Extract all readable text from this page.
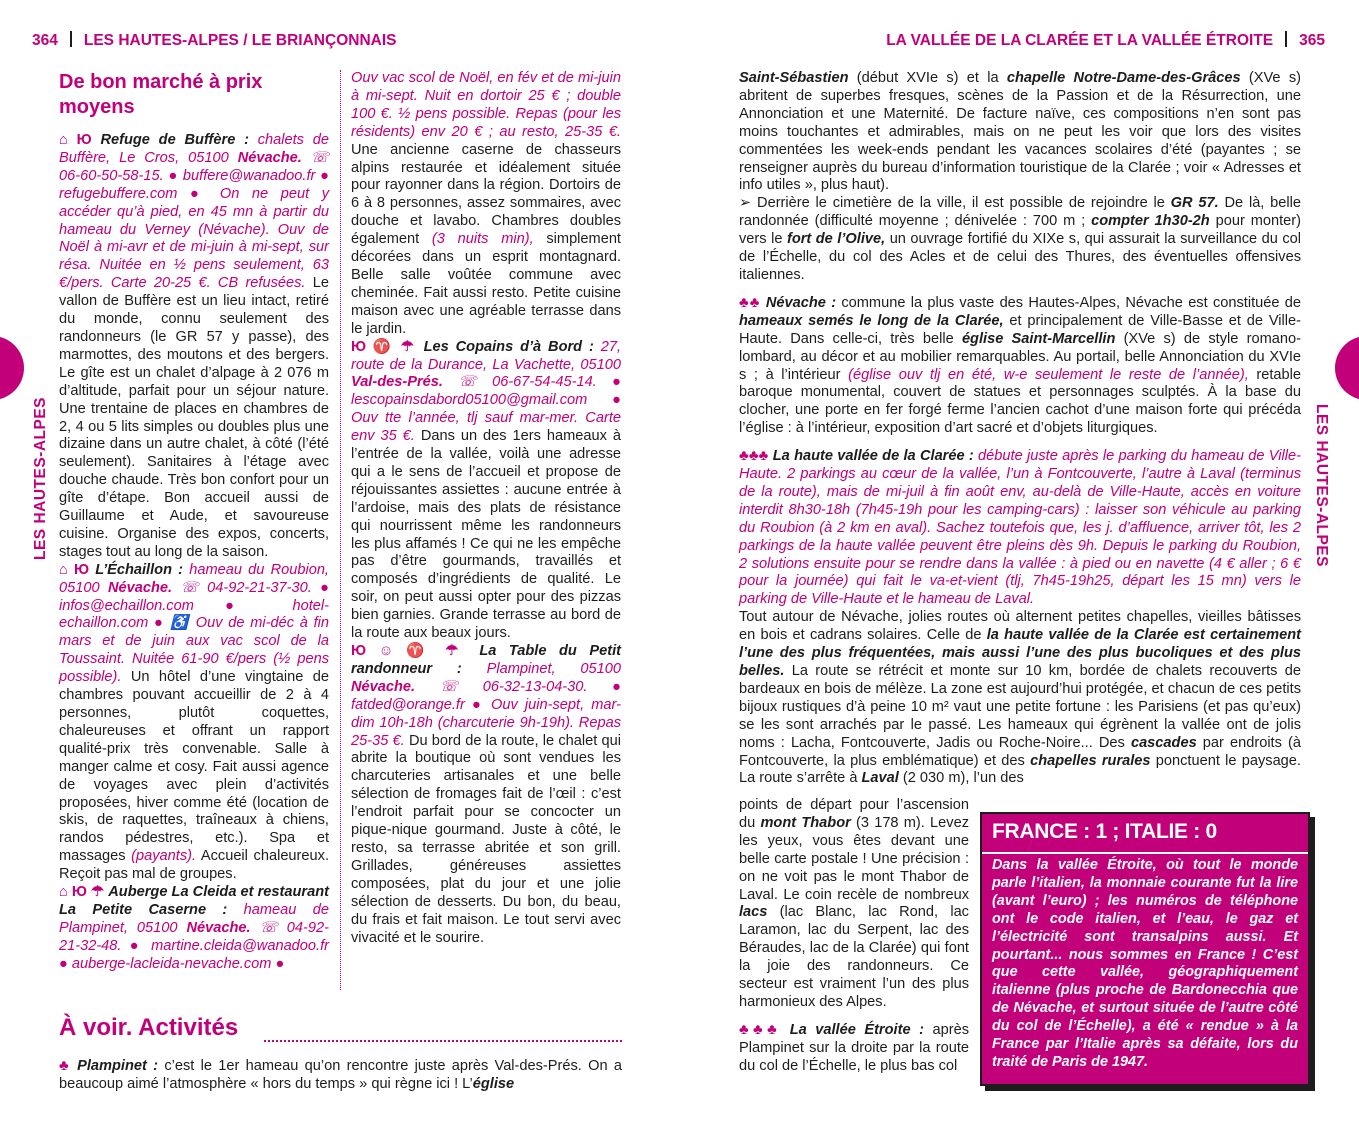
364 LES HAUTES-ALPES / LE BRIANÇONNAIS
LES HAUTES-ALPES
De bon marché à prix moyens

⌂ Ю Refuge de Buffère : chalets de Buffère, Le Cros, 05100 Névache. ☏ 06-60-50-58-15. ● buffere@wanadoo.fr ● refugebuffere.com ● On ne peut y accéder qu’à pied, en 45 mn à partir du hameau du Verney (Névache). Ouv de Noël à mi-avr et de mi-juin à mi-sept, sur résa. Nuitée en ½ pens seulement, 63 €/pers. Carte 20-25 €. CB refusées. Le vallon de Buffère est un lieu intact, retiré du monde, connu seulement des randonneurs (le GR 57 y passe), des marmottes, des moutons et des bergers. Le gîte est un chalet d’alpage à 2 076 m d’altitude, parfait pour un séjour nature. Une trentaine de places en chambres de 2, 4 ou 5 lits simples ou doubles plus une dizaine dans un autre chalet, à côté (l’été seulement). Sanitaires à l’étage avec douche chaude. Très bon confort pour un gîte d’étape. Bon accueil aussi de Guillaume et Aude, et savoureuse cuisine. Organise des expos, concerts, stages tout au long de la saison.

⌂ Ю L’Échaillon : hameau du Roubion, 05100 Névache. ☏ 04-92-21-37-30. ● infos@echaillon.com ● hotel-echaillon.com ● ♿ Ouv de mi-déc à fin mars et de juin aux vac scol de la Toussaint. Nuitée 61-90 €/pers (½ pens possible). Un hôtel d’une vingtaine de chambres pouvant accueillir de 2 à 4 personnes, plutôt coquettes, chaleureuses et offrant un rapport qualité-prix très convenable. Salle à manger calme et cosy. Fait aussi agence de voyages avec plein d’activités proposées, hiver comme été (location de skis, de raquettes, traîneaux à chiens, randos pédestres, etc.). Spa et massages (payants). Accueil chaleureux. Reçoit pas mal de groupes.

⌂ Ю ☂ Auberge La Cleida et restaurant La Petite Caserne : hameau de Plampinet, 05100 Névache. ☏ 04-92-21-32-48. ● martine.cleida@wanadoo.fr ● auberge-lacleida-nevache.com ●

Ouv vac scol de Noël, en fév et de mi-juin à mi-sept. Nuit en dortoir 25 € ; double 100 €. ½ pens possible. Repas (pour les résidents) env 20 € ; au resto, 25-35 €. Une ancienne caserne de chasseurs alpins restaurée et idéalement située pour rayonner dans la région. Dortoirs de 6 à 8 personnes, assez sommaires, avec douche et lavabo. Chambres doubles également (3 nuits min), simplement décorées dans un esprit montagnard. Belle salle voûtée commune avec cheminée. Fait aussi resto. Petite cuisine maison avec une agréable terrasse dans le jardin.

Ю ♈ ☂ Les Copains d’à Bord : 27, route de la Durance, La Vachette, 05100 Val-des-Prés. ☏ 06-67-54-45-14. ● lescopainsdabord05100@gmail.com ● Ouv tte l’année, tlj sauf mar-mer. Carte env 35 €. Dans un des 1ers hameaux à l’entrée de la vallée, voilà une adresse qui a le sens de l’accueil et propose de réjouissantes assiettes : aucune entrée à l’ardoise, mais des plats de résistance qui nourrissent même les randonneurs les plus affamés ! Ce qui ne les empêche pas d’être gourmands, travaillés et composés d’ingrédients de qualité. Le soir, on peut aussi opter pour des pizzas bien garnies. Grande terrasse au bord de la route aux beaux jours.

Ю ☺ ♈ ☂ La Table du Petit randonneur : Plampinet, 05100 Névache. ☏ 06-32-13-04-30. ● fatded@orange.fr ● Ouv juin-sept, mar-dim 10h-18h (charcuterie 9h-19h). Repas 25-35 €. Du bord de la route, le chalet qui abrite la boutique où sont vendues les charcuteries artisanales et une belle sélection de fromages fait de l’œil : c’est l’endroit parfait pour se concocter un pique-nique gourmand. Juste à côté, le resto, sa terrasse abritée et son grill. Grillades, généreuses assiettes composées, plat du jour et une jolie sélection de desserts. Du bon, du beau, du frais et fait maison. Le tout servi avec vivacité et le sourire.

À voir. Activités

♣ Plampinet : c’est le 1er hameau qu’on rencontre juste après Val-des-Prés. On a beaucoup aimé l’atmosphère « hors du temps » qui règne ici ! L’église

LA VALLÉE DE LA CLARÉE ET LA VALLÉE ÉTROITE 365
LES HAUTES-ALPES

Saint-Sébastien (début XVIe s) et la chapelle Notre-Dame-des-Grâces (XVe s) abritent de superbes fresques, scènes de la Passion et de la Résurrection, une Annonciation et une Maternité. De facture naïve, ces compositions n’en sont pas moins touchantes et admirables, mais on ne peut les voir que lors des visites commentées les week-ends pendant les vacances scolaires d’été (payantes ; se renseigner auprès du bureau d’information touristique de la Clarée ; voir « Adresses et info utiles », plus haut).

➢ Derrière le cimetière de la ville, il est possible de rejoindre le GR 57. De là, belle randonnée (difficulté moyenne ; dénivelée : 700 m ; compter 1h30-2h pour monter) vers le fort de l’Olive, un ouvrage fortifié du XIXe s, qui assurait la surveillance du col de l’Échelle, du col des Acles et de celui des Thures, des éventuelles offensives italiennes.

♣♣ Névache : commune la plus vaste des Hautes-Alpes, Névache est constituée de hameaux semés le long de la Clarée, et principalement de Ville-Basse et de Ville-Haute. Dans celle-ci, très belle église Saint-Marcellin (XVe s) de style romano-lombard, au décor et au mobilier remarquables. Au portail, belle Annonciation du XVIe s ; à l’intérieur (église ouv tlj en été, w-e seulement le reste de l’année), retable baroque monumental, couvert de statues et personnages sculptés. À la base du clocher, une porte en fer forgé ferme l’ancien cachot d’une maison forte qui précéda l’église : à l’intérieur, exposition d’art sacré et d’objets liturgiques.

♣♣♣ La haute vallée de la Clarée : débute juste après le parking du hameau de Ville-Haute. 2 parkings au cœur de la vallée, l’un à Fontcouverte, l’autre à Laval (terminus de la route), mais de mi-juil à fin août env, au-delà de Ville-Haute, accès en voiture interdit 8h30-18h (7h45-19h pour les camping-cars) : laisser son véhicule au parking du Roubion (à 2 km en aval). Sachez toutefois que, les j. d’affluence, arriver tôt, les 2 parkings de la haute vallée peuvent être pleins dès 9h. Depuis le parking du Roubion, 2 solutions ensuite pour se rendre dans la vallée : à pied ou en navette (4 € aller ; 6 € pour la journée) qui fait le va-et-vient (tlj, 7h45-19h25, départ les 15 mn) vers le parking de Ville-Haute et le hameau de Laval.

Tout autour de Névache, jolies routes où alternent petites chapelles, vieilles bâtisses en bois et cadrans solaires. Celle de la haute vallée de la Clarée est certainement l’une des plus fréquentées, mais aussi l’une des plus bucoliques et des plus belles. La route se rétrécit et monte sur 10 km, bordée de chalets recouverts de bardeaux en bois de mélèze. La zone est aujourd’hui protégée, et chacun de ces petits bijoux rustiques d’à peine 10 m² vaut une petite fortune : les Parisiens (et pas qu’eux) se les sont arrachés par le passé. Les hameaux qui égrènent la vallée ont de jolis noms : Lacha, Fontcouverte, Jadis ou Roche-Noire... Des cascades par endroits (à Fontcouverte, la plus emblématique) et des chapelles rurales ponctuent le paysage. La route s’arrête à Laval (2 030 m), l’un des

points de départ pour l’ascension du mont Thabor (3 178 m). Levez les yeux, vous êtes devant une belle carte postale ! Une précision : on ne voit pas le mont Thabor de Laval. Le coin recèle de nombreux lacs (lac Blanc, lac Rond, lac Laramon, lac du Serpent, lac des Béraudes, lac de la Clarée) qui font la joie des randonneurs. Ce secteur est vraiment l’un des plus harmonieux des Alpes.

♣♣♣ La vallée Étroite : après Plampinet sur la droite par la route du col de l’Échelle, le plus bas col

FRANCE : 1 ; ITALIE : 0
Dans la vallée Étroite, où tout le monde parle l’italien, la monnaie courante fut la lire (avant l’euro) ; les numéros de téléphone ont le code italien, et l’eau, le gaz et l’électricité sont transalpins aussi. Et pourtant... nous sommes en France ! C’est que cette vallée, géographiquement italienne (plus proche de Bardonecchia que de Névache, et surtout située de l’autre côté du col de l’Échelle), a été « rendue » à la France par l’Italie après sa défaite, lors du traité de Paris de 1947.
